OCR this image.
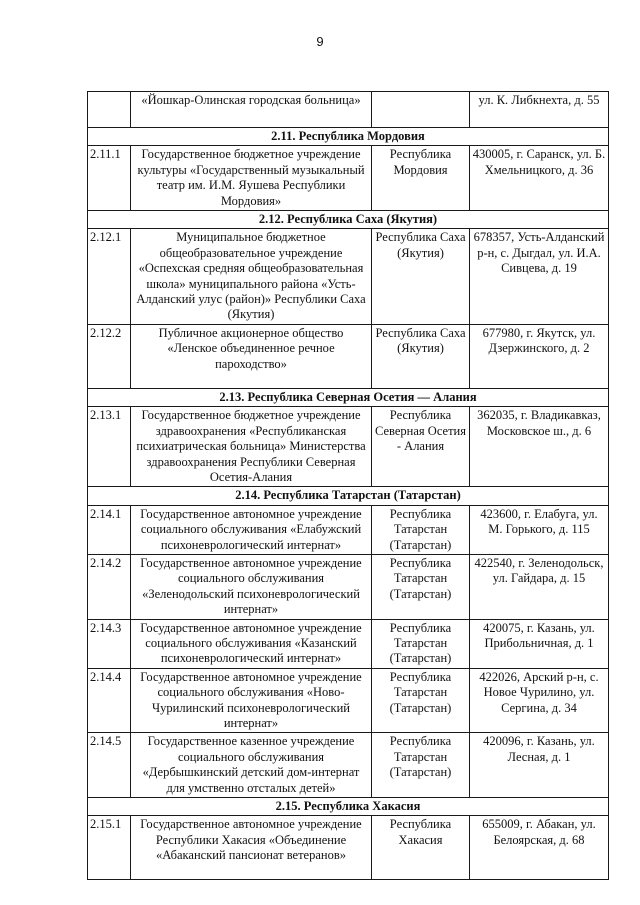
9
	«Йошкар-Олинская городская больница»		ул. К. Либкнехта, д. 55
2.11. Республика Мордовия			
2.11.1	Государственное бюджетное учреждение культуры «Государственный музыкальный театр им. И.М. Яушева Республики Мордовия»	Республика Мордовия	430005, г. Саранск, ул. Б. Хмельницкого, д. 36
2.12. Республика Саха (Якутия)			
2.12.1	Муниципальное бюджетное общеобразовательное учреждение «Оспехская средняя общеобразовательная школа» муниципального района «Усть-Алданский улус (район)» Республики Саха (Якутия)	Республика Саха (Якутия)	678357, Усть-Алданский р-н, с. Дыгдал, ул. И.А. Сивцева, д. 19
2.12.2	Публичное акционерное общество «Ленское объединенное речное пароходство»	Республика Саха (Якутия)	677980, г. Якутск, ул. Дзержинского, д. 2
2.13. Республика Северная Осетия — Алания			
2.13.1	Государственное бюджетное учреждение здравоохранения «Республиканская психиатрическая больница» Министерства здравоохранения Республики Северная Осетия-Алания	Республика Северная Осетия - Алания	362035, г. Владикавказ, Московское ш., д. 6
2.14. Республика Татарстан (Татарстан)			
2.14.1	Государственное автономное учреждение социального обслуживания «Елабужский психоневрологический интернат»	Республика Татарстан (Татарстан)	423600, г. Елабуга, ул. М. Горького, д. 115
2.14.2	Государственное автономное учреждение социального обслуживания «Зеленодольский психоневрологический интернат»	Республика Татарстан (Татарстан)	422540, г. Зеленодольск, ул. Гайдара, д. 15
2.14.3	Государственное автономное учреждение социального обслуживания «Казанский психоневрологический интернат»	Республика Татарстан (Татарстан)	420075, г. Казань, ул. Прибольничная, д. 1
2.14.4	Государственное автономное учреждение социального обслуживания «Ново-Чурилинский психоневрологический интернат»	Республика Татарстан (Татарстан)	422026, Арский р-н, с. Новое Чурилино, ул. Сергина, д. 34
2.14.5	Государственное казенное учреждение социального обслуживания «Дербышкинский детский дом-интернат для умственно отсталых детей»	Республика Татарстан (Татарстан)	420096, г. Казань, ул. Лесная, д. 1
2.15. Республика Хакасия			
2.15.1	Государственное автономное учреждение Республики Хакасия «Объединение «Абаканский пансионат ветеранов»	Республика Хакасия	655009, г. Абакан, ул. Белоярская, д. 68
